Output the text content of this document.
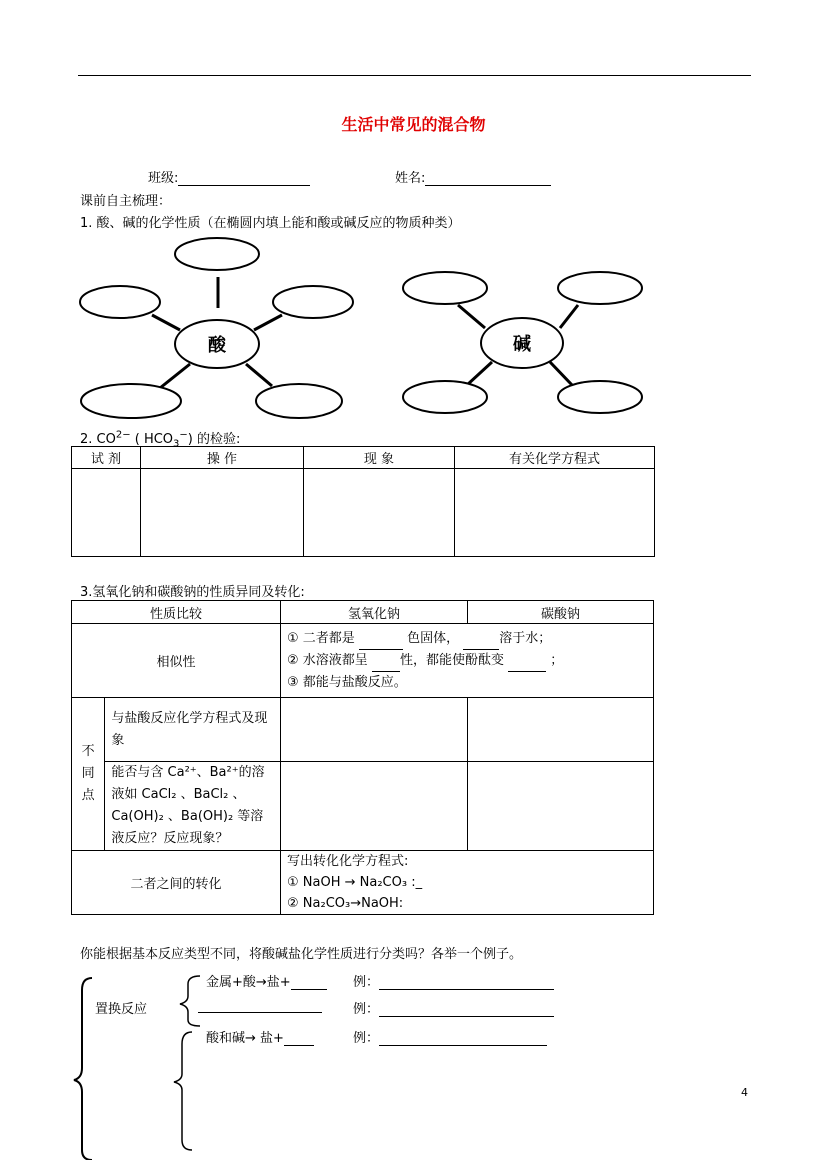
生活中常见的混合物
班级:	姓名:
课前自主梳理：
1. 酸、碱的化学性质（在椭圆内填上能和酸或碱反应的物质种类）
酸	碱
2. $CO^{2-}$ ( $HCO_3^-$) 的检验:
试 剂	操 作	现 象	有关化学方程式

3.氢氧化钠和碳酸钠的性质异同及转化:
性质比较		氢氧化钠	碳酸钠
相似性		① 二者都是 色固体， 溶于水；
② 水溶液都呈 性，都能使酚酞变 ；
③ 都能与盐酸反应。	

不同点	与盐酸反应化学方程式及现象		
	能否与含 Ca²⁺、Ba²⁺的溶液如 CaCl₂ 、BaCl₂ 、Ca(OH)₂ 、Ba(OH)₂ 等溶液反应？反应现象？		
二者之间的转化		写出转化化学方程式:
① NaOH → Na₂CO₃ :_
② Na₂CO₃→NaOH:	
你能根据基本反应类型不同，将酸碱盐化学性质进行分类吗？各举一个例子。
置换反应
金属+酸→盐+	例：
例：
酸和碱→ 盐+	例：
4
